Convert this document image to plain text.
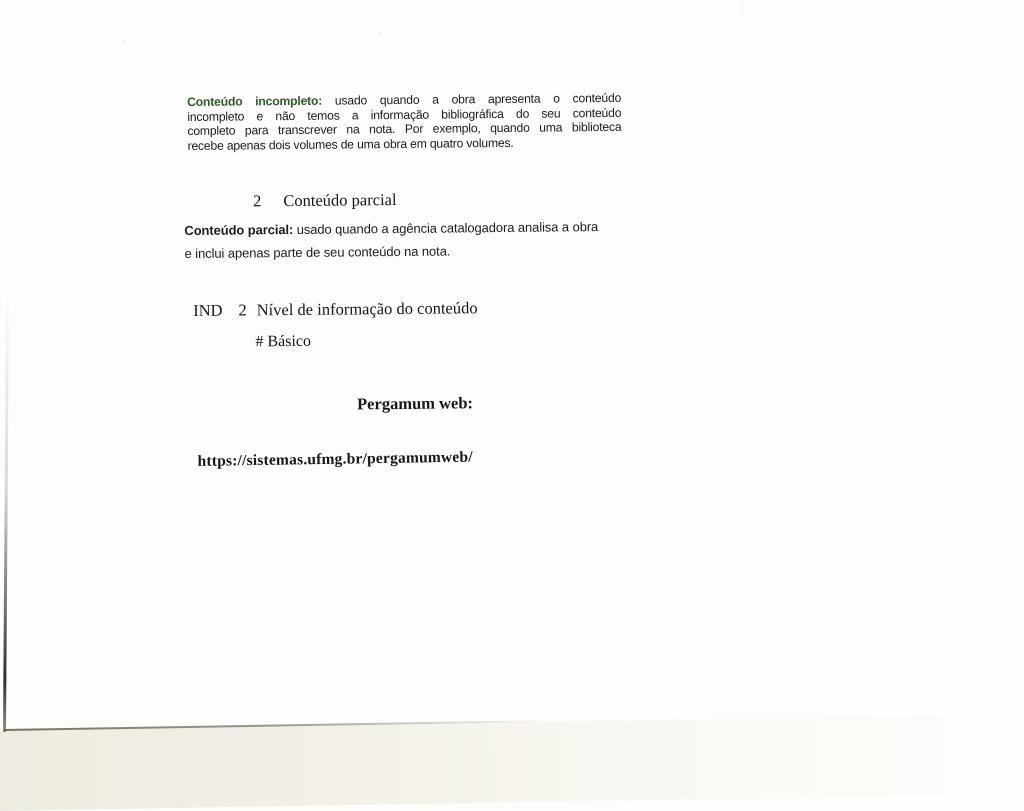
Conteúdo incompleto: usado quando a obra apresenta o conteúdo
incompleto e não temos a informação bibliográfica do seu conteúdo
completo para transcrever na nota. Por exemplo, quando uma biblioteca
recebe apenas dois volumes de uma obra em quatro volumes.
2 Conteúdo parcial
Conteúdo parcial: usado quando a agência catalogadora analisa a obra
e inclui apenas parte de seu conteúdo na nota.
IND 2 Nível de informação do conteúdo
# Básico
Pergamum web:
https://sistemas.ufmg.br/pergamumweb/
